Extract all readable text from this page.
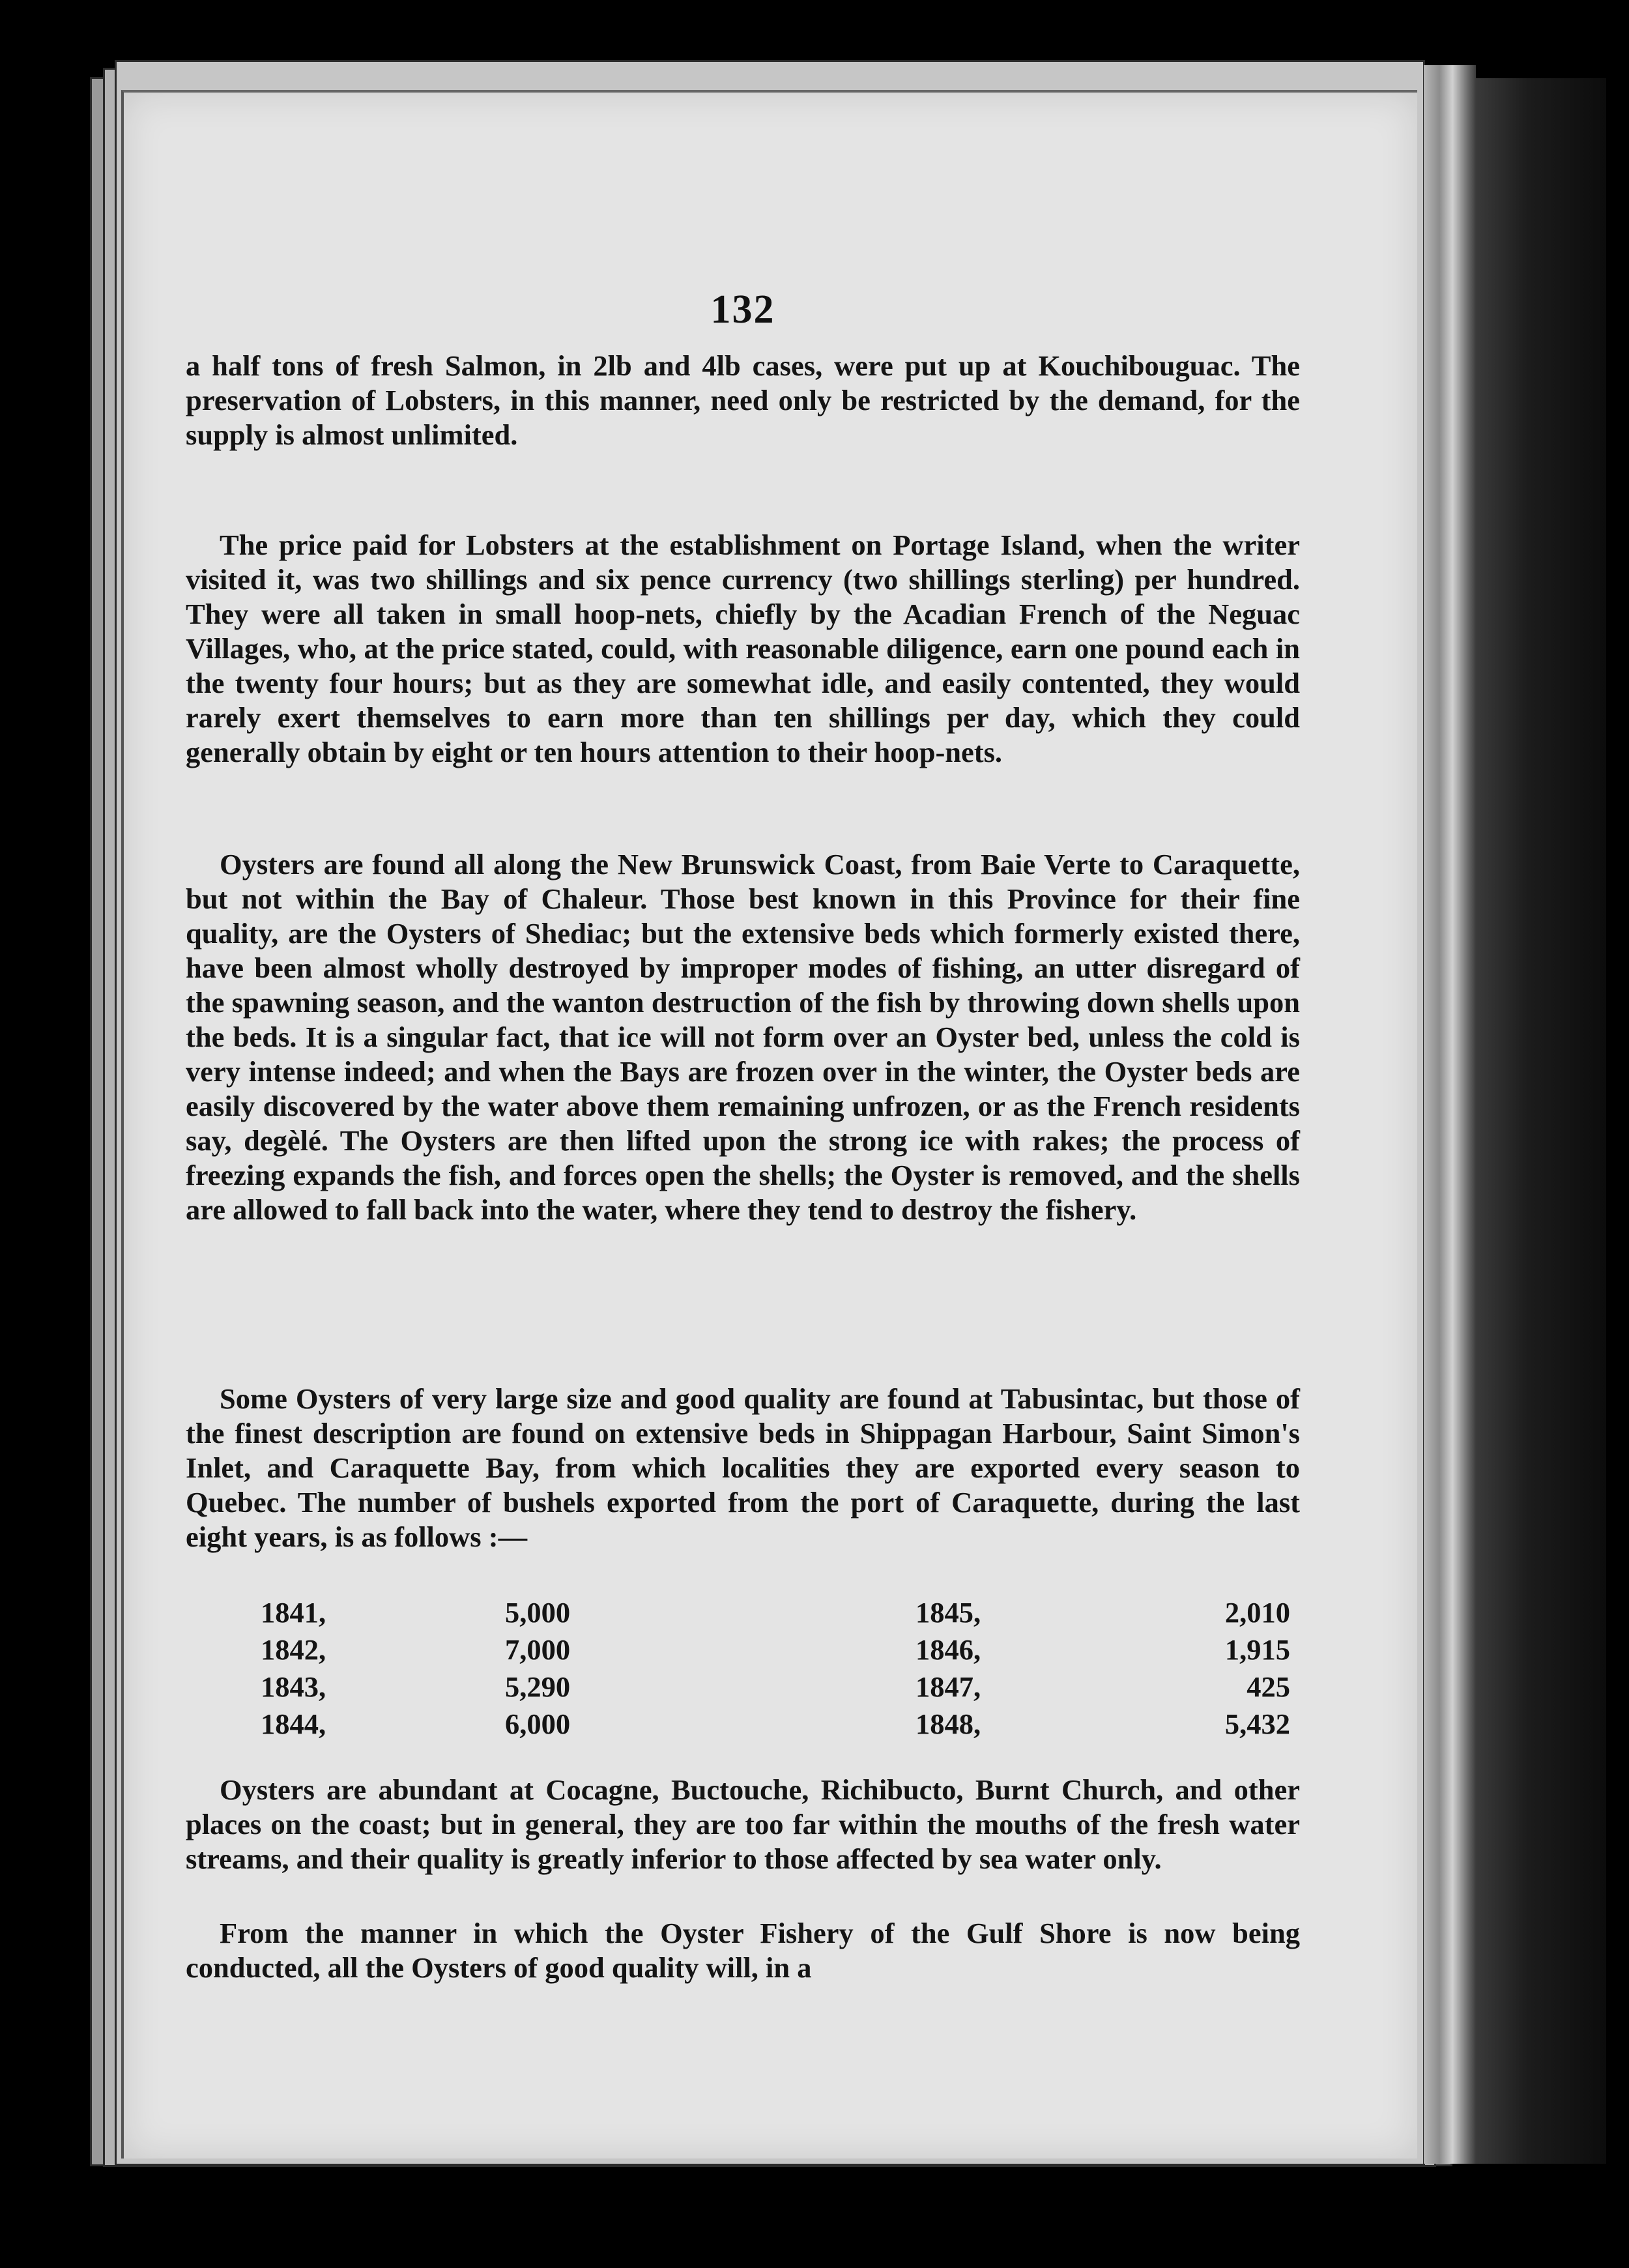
132

a half tons of fresh Salmon, in 2lb and 4lb cases, were put up at Kouchibouguac. The preservation of Lobsters, in this manner, need only be restricted by the demand, for the supply is almost unlimited.

The price paid for Lobsters at the establishment on Portage Island, when the writer visited it, was two shillings and six pence currency (two shillings sterling) per hundred. They were all taken in small hoop-nets, chiefly by the Acadian French of the Neguac Villages, who, at the price stated, could, with reasonable diligence, earn one pound each in the twenty four hours; but as they are somewhat idle, and easily contented, they would rarely exert themselves to earn more than ten shillings per day, which they could generally obtain by eight or ten hours attention to their hoop-nets.

Oysters are found all along the New Brunswick Coast, from Baie Verte to Caraquette, but not within the Bay of Chaleur. Those best known in this Province for their fine quality, are the Oysters of Shediac; but the extensive beds which formerly existed there, have been almost wholly destroyed by improper modes of fishing, an utter disregard of the spawning season, and the wanton destruction of the fish by throwing down shells upon the beds. It is a singular fact, that ice will not form over an Oyster bed, unless the cold is very intense indeed; and when the Bays are frozen over in the winter, the Oyster beds are easily discovered by the water above them remaining unfrozen, or as the French residents say, degèlé. The Oysters are then lifted upon the strong ice with rakes; the process of freezing expands the fish, and forces open the shells; the Oyster is removed, and the shells are allowed to fall back into the water, where they tend to destroy the fishery.

Some Oysters of very large size and good quality are found at Tabusintac, but those of the finest description are found on extensive beds in Shippagan Harbour, Saint Simon's Inlet, and Caraquette Bay, from which localities they are exported every season to Quebec. The number of bushels exported from the port of Caraquette, during the last eight years, is as follows :—

1841,	5,000	1845,	2,010
1842,	7,000	1846,	1,915
1843,	5,290	1847,	425
1844,	6,000	1848,	5,432

Oysters are abundant at Cocagne, Buctouche, Richibucto, Burnt Church, and other places on the coast; but in general, they are too far within the mouths of the fresh water streams, and their quality is greatly inferior to those affected by sea water only.

From the manner in which the Oyster Fishery of the Gulf Shore is now being conducted, all the Oysters of good quality will, in a
